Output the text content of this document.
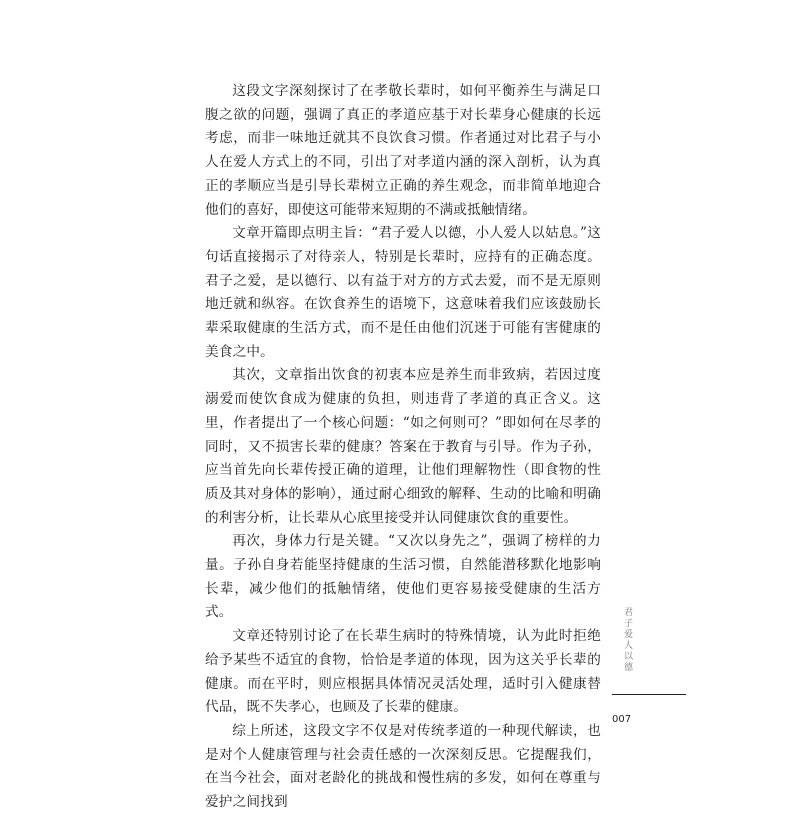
这段文字深刻探讨了在孝敬长辈时，如何平衡养生与满足口腹之欲的问题，强调了真正的孝道应基于对长辈身心健康的长远考虑，而非一味地迁就其不良饮食习惯。作者通过对比君子与小人在爱人方式上的不同，引出了对孝道内涵的深入剖析，认为真正的孝顺应当是引导长辈树立正确的养生观念，而非简单地迎合他们的喜好，即使这可能带来短期的不满或抵触情绪。

文章开篇即点明主旨：“君子爱人以德，小人爱人以姑息。”这句话直接揭示了对待亲人，特别是长辈时，应持有的正确态度。君子之爱，是以德行、以有益于对方的方式去爱，而不是无原则地迁就和纵容。在饮食养生的语境下，这意味着我们应该鼓励长辈采取健康的生活方式，而不是任由他们沉迷于可能有害健康的美食之中。

其次，文章指出饮食的初衷本应是养生而非致病，若因过度溺爱而使饮食成为健康的负担，则违背了孝道的真正含义。这里，作者提出了一个核心问题：“如之何则可？”即如何在尽孝的同时，又不损害长辈的健康？答案在于教育与引导。作为子孙，应当首先向长辈传授正确的道理，让他们理解物性（即食物的性质及其对身体的影响），通过耐心细致的解释、生动的比喻和明确的利害分析，让长辈从心底里接受并认同健康饮食的重要性。

再次，身体力行是关键。“又次以身先之”，强调了榜样的力量。子孙自身若能坚持健康的生活习惯，自然能潜移默化地影响长辈，减少他们的抵触情绪，使他们更容易接受健康的生活方式。

文章还特别讨论了在长辈生病时的特殊情境，认为此时拒绝给予某些不适宜的食物，恰恰是孝道的体现，因为这关乎长辈的健康。而在平时，则应根据具体情况灵活处理，适时引入健康替代品，既不失孝心，也顾及了长辈的健康。

综上所述，这段文字不仅是对传统孝道的一种现代解读，也是对个人健康管理与社会责任感的一次深刻反思。它提醒我们，在当今社会，面对老龄化的挑战和慢性病的多发，如何在尊重与爱护之间找到

君子爱人以德
007
